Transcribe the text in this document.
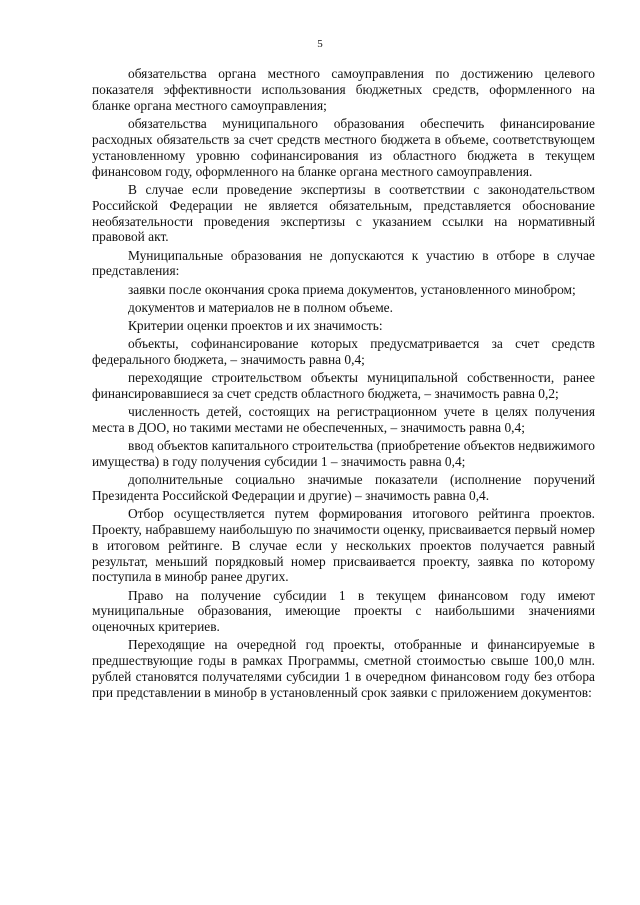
5

обязательства органа местного самоуправления по достижению целевого показателя эффективности использования бюджетных средств, оформленного на бланке органа местного самоуправления;

обязательства муниципального образования обеспечить финансирование расходных обязательств за счет средств местного бюджета в объеме, соответствующем установленному уровню софинансирования из областного бюджета в текущем финансовом году, оформленного на бланке органа местного самоуправления.

В случае если проведение экспертизы в соответствии с законодательством Российской Федерации не является обязательным, представляется обоснование необязательности проведения экспертизы с указанием ссылки на нормативный правовой акт.

Муниципальные образования не допускаются к участию в отборе в случае представления:

заявки после окончания срока приема документов, установленного минобром;

документов и материалов не в полном объеме.

Критерии оценки проектов и их значимость:

объекты, софинансирование которых предусматривается за счет средств федерального бюджета, – значимость равна 0,4;

переходящие строительством объекты муниципальной собственности, ранее финансировавшиеся за счет средств областного бюджета, – значимость равна 0,2;

численность детей, состоящих на регистрационном учете в целях получения места в ДОО, но такими местами не обеспеченных, – значимость равна 0,4;

ввод объектов капитального строительства (приобретение объектов недвижимого имущества) в году получения субсидии 1 – значимость равна 0,4;

дополнительные социально значимые показатели (исполнение поручений Президента Российской Федерации и другие) – значимость равна 0,4.

Отбор осуществляется путем формирования итогового рейтинга проектов. Проекту, набравшему наибольшую по значимости оценку, присваивается первый номер в итоговом рейтинге. В случае если у нескольких проектов получается равный результат, меньший порядковый номер присваивается проекту, заявка по которому поступила в минобр ранее других.

Право на получение субсидии 1 в текущем финансовом году имеют муниципальные образования, имеющие проекты с наибольшими значениями оценочных критериев.

Переходящие на очередной год проекты, отобранные и финансируемые в предшествующие годы в рамках Программы, сметной стоимостью свыше 100,0 млн. рублей становятся получателями субсидии 1 в очередном финансовом году без отбора при представлении в минобр в установленный срок заявки с приложением документов:
